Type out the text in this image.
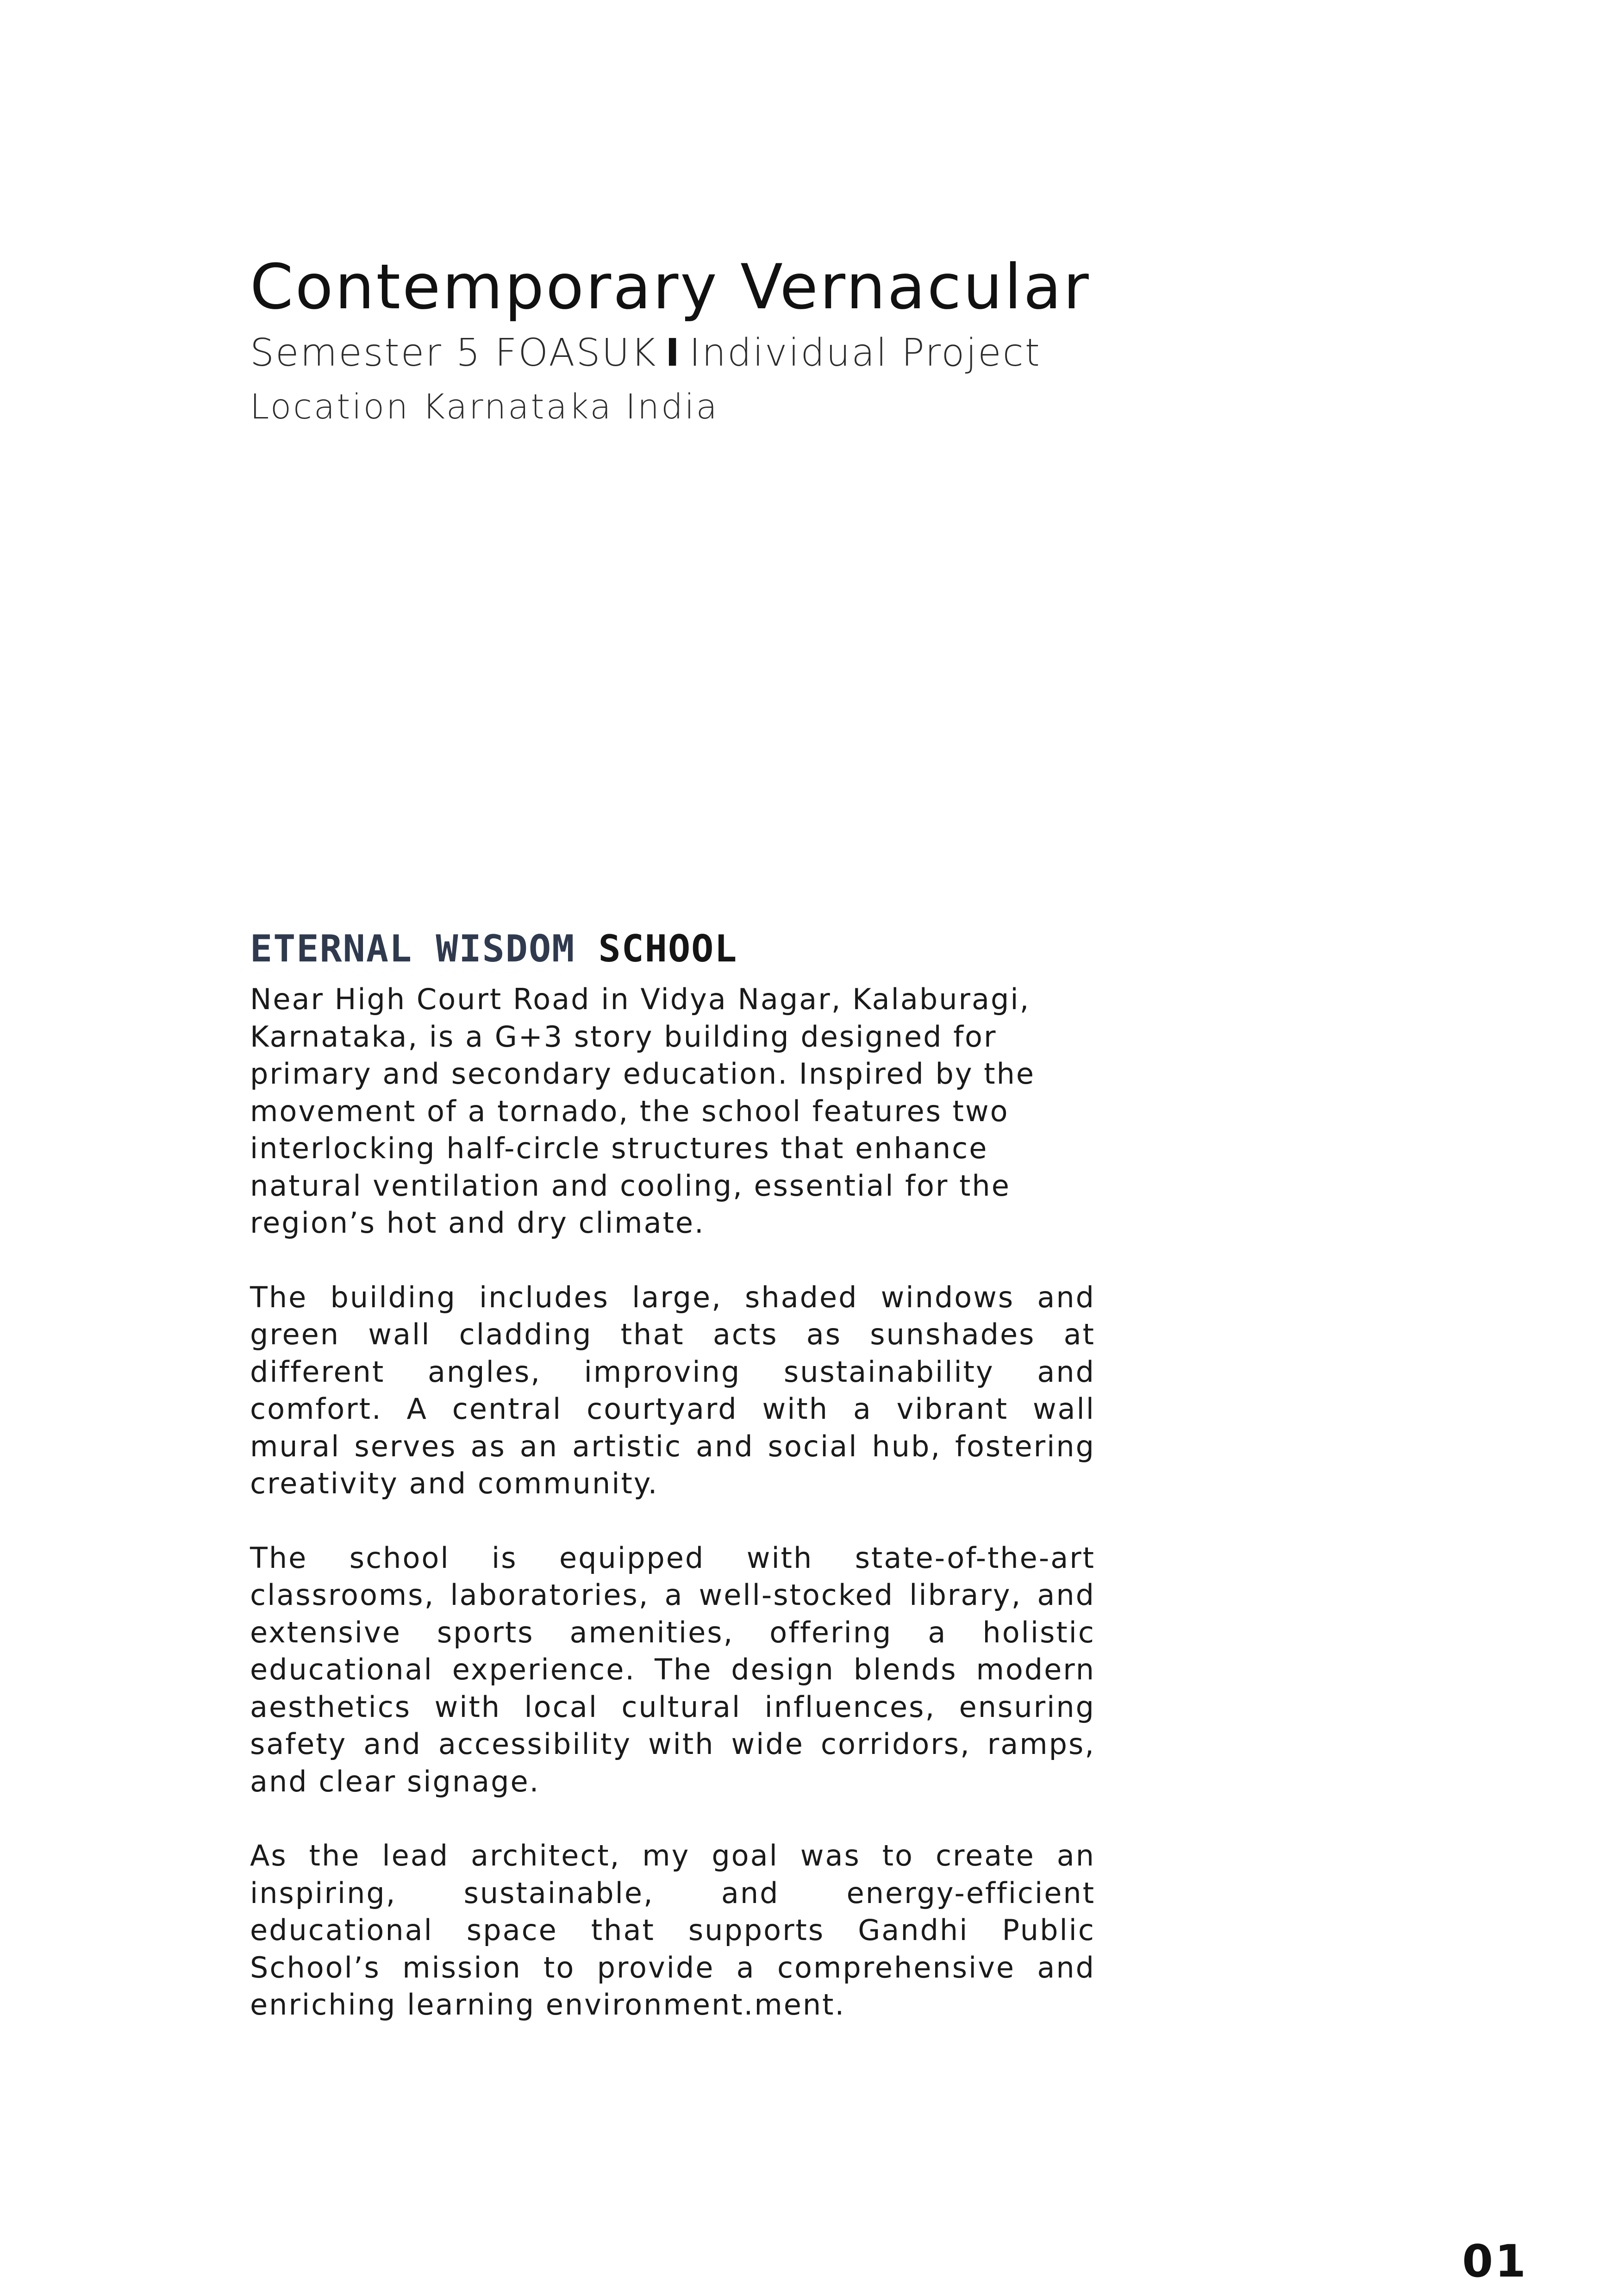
Contemporary Vernacular
Semester 5 FOASUK I Individual Project
Location Karnataka India
ETERNAL WISDOM SCHOOL

Near High Court Road in Vidya Nagar, Kalaburagi, Karnataka, is a G+3 story building designed for primary and secondary education. Inspired by the movement of a tornado, the school features two interlocking half-circle structures that enhance natural ventilation and cooling, essential for the region’s hot and dry climate.

The building includes large, shaded windows and green wall cladding that acts as sunshades at different angles, improving sustainability and comfort. A central courtyard with a vibrant wall mural serves as an artistic and social hub, fostering creativity and community.

The school is equipped with state-of-the-art classrooms, laboratories, a well-stocked library, and extensive sports amenities, offering a holistic educational experience. The design blends modern aesthetics with local cultural influences, ensuring safety and accessibility with wide corridors, ramps, and clear signage.

As the lead architect, my goal was to create an inspiring, sustainable, and energy-efficient educational space that supports Gandhi Public School’s mission to provide a comprehensive and enriching learning environment.ment.

01
